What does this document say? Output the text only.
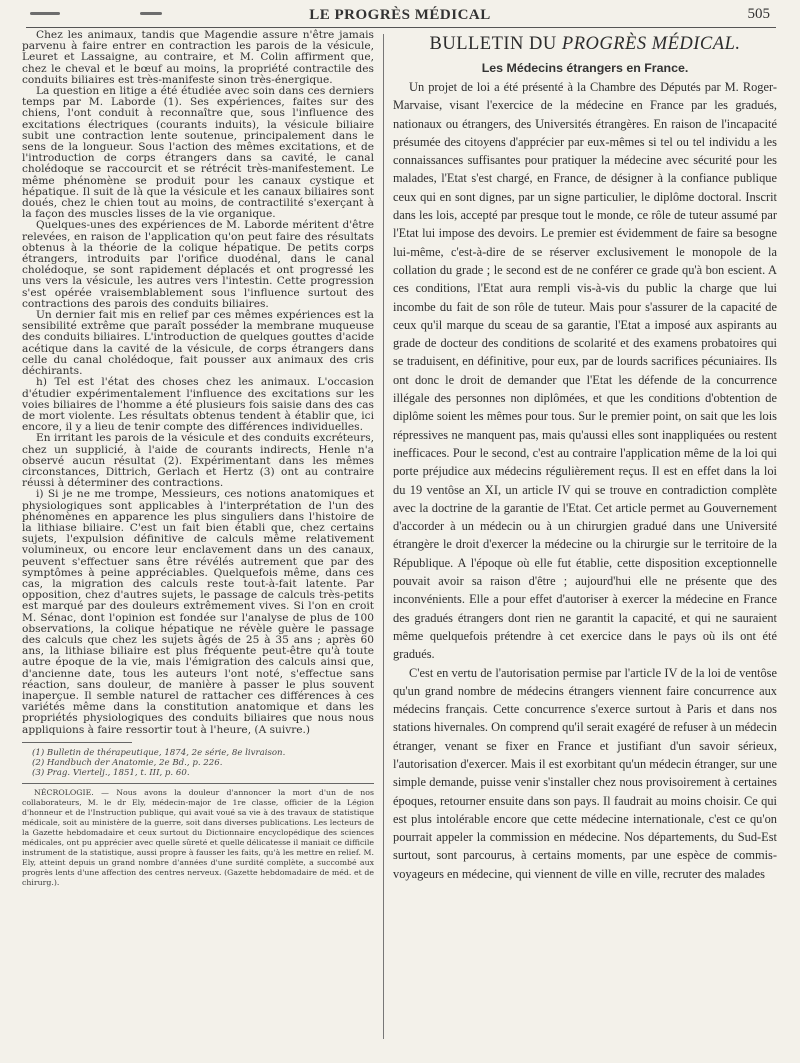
LE PROGRÈS MÉDICAL	505

Chez les animaux, tandis que Magendie assure n'être jamais parvenu à faire entrer en contraction les parois de la vésicule, Leuret et Lassaigne, au contraire, et M. Colin affirment que, chez le cheval et le bœuf au moins, la propriété contractile des conduits biliaires est très-manifeste sinon très-énergique.

La question en litige a été étudiée avec soin dans ces derniers temps par M. Laborde (1). Ses expériences, faites sur des chiens, l'ont conduit à reconnaître que, sous l'influence des excitations électriques (courants induits), la vésicule biliaire subit une contraction lente soutenue, principalement dans le sens de la longueur. Sous l'action des mêmes excitations, et de l'introduction de corps étrangers dans sa cavité, le canal cholédoque se raccourcit et se rétrécit très-manifestement. Le même phénomène se produit pour les canaux cystique et hépatique. Il suit de là que la vésicule et les canaux biliaires sont doués, chez le chien tout au moins, de contractilité s'exerçant à la façon des muscles lisses de la vie organique.

Quelques-unes des expériences de M. Laborde méritent d'être relevées, en raison de l'application qu'on peut faire des résultats obtenus à la théorie de la colique hépatique. De petits corps étrangers, introduits par l'orifice duodénal, dans le canal cholédoque, se sont rapidement déplacés et ont progressé les uns vers la vésicule, les autres vers l'intestin. Cette progression s'est opérée vraisemblablement sous l'influence surtout des contractions des parois des conduits biliaires.

Un dernier fait mis en relief par ces mêmes expériences est la sensibilité extrême que paraît posséder la membrane muqueuse des conduits biliaires. L'introduction de quelques gouttes d'acide acétique dans la cavité de la vésicule, de corps étrangers dans celle du canal cholédoque, fait pousser aux animaux des cris déchirants.

h) Tel est l'état des choses chez les animaux. L'occasion d'étudier expérimentalement l'influence des excitations sur les voies biliaires de l'homme a été plusieurs fois saisie dans des cas de mort violente. Les résultats obtenus tendent à établir que, ici encore, il y a lieu de tenir compte des différences individuelles.

En irritant les parois de la vésicule et des conduits excréteurs, chez un supplicié, à l'aide de courants indirects, Henle n'a observé aucun résultat (2). Expérimentant dans les mêmes circonstances, Dittrich, Gerlach et Hertz (3) ont au contraire réussi à déterminer des contractions.

i) Si je ne me trompe, Messieurs, ces notions anatomiques et physiologiques sont applicables à l'interprétation de l'un des phénomènes en apparence les plus singuliers dans l'histoire de la lithiase biliaire. C'est un fait bien établi que, chez certains sujets, l'expulsion définitive de calculs même relativement volumineux, ou encore leur enclavement dans un des canaux, peuvent s'effectuer sans être révélés autrement que par des symptômes à peine appréciables. Quelquefois même, dans ces cas, la migration des calculs reste tout-à-fait latente. Par opposition, chez d'autres sujets, le passage de calculs très-petits est marqué par des douleurs extrêmement vives. Si l'on en croit M. Sénac, dont l'opinion est fondée sur l'analyse de plus de 100 observations, la colique hépatique ne révèle guère le passage des calculs que chez les sujets âgés de 25 à 35 ans ; après 60 ans, la lithiase biliaire est plus fréquente peut-être qu'à toute autre époque de la vie, mais l'émigration des calculs ainsi que, d'ancienne date, tous les auteurs l'ont noté, s'effectue sans réaction, sans douleur, de manière à passer le plus souvent inaperçue. Il semble naturel de rattacher ces différences à ces variétés même dans la constitution anatomique et dans les propriétés physiologiques des conduits biliaires que nous nous appliquions à faire ressortir tout à l'heure, (A suivre.)

(1) Bulletin de thérapeutique, 1874, 2e série, 8e livraison.

(2) Handbuch der Anatomie, 2e Bd., p. 226.

(3) Prag. Viertelj., 1851, t. III, p. 60.

NÉCROLOGIE. — Nous avons la douleur d'annoncer la mort d'un de nos collaborateurs, M. le dr Ely, médecin-major de 1re classe, officier de la Légion d'honneur et de l'Instruction publique, qui avait voué sa vie à des travaux de statistique médicale, soit au ministère de la guerre, soit dans diverses publications. Les lecteurs de la Gazette hebdomadaire et ceux surtout du Dictionnaire encyclopédique des sciences médicales, ont pu apprécier avec quelle sûreté et quelle délicatesse il maniait ce difficile instrument de la statistique, aussi propre à fausser les faits, qu'à les mettre en relief. M. Ely, atteint depuis un grand nombre d'années d'une surdité complète, a succombé aux progrès lents d'une affection des centres nerveux. (Gazette hebdomadaire de méd. et de chirurg.).

BULLETIN DU PROGRÈS MÉDICAL.
Les Médecins étrangers en France.

Un projet de loi a été présenté à la Chambre des Députés par M. Roger-Marvaise, visant l'exercice de la médecine en France par les gradués, nationaux ou étrangers, des Universités étrangères. En raison de l'incapacité présumée des citoyens d'apprécier par eux-mêmes si tel ou tel individu a les connaissances suffisantes pour pratiquer la médecine avec sécurité pour les malades, l'Etat s'est chargé, en France, de désigner à la confiance publique ceux qui en sont dignes, par un signe particulier, le diplôme doctoral. Inscrit dans les lois, accepté par presque tout le monde, ce rôle de tuteur assumé par l'Etat lui impose des devoirs. Le premier est évidemment de faire sa besogne lui-même, c'est-à-dire de se réserver exclusivement le monopole de la collation du grade ; le second est de ne conférer ce grade qu'à bon escient. A ces conditions, l'Etat aura rempli vis-à-vis du public la charge que lui incombe du fait de son rôle de tuteur. Mais pour s'assurer de la capacité de ceux qu'il marque du sceau de sa garantie, l'Etat a imposé aux aspirants au grade de docteur des conditions de scolarité et des examens probatoires qui se traduisent, en définitive, pour eux, par de lourds sacrifices pécuniaires. Ils ont donc le droit de demander que l'Etat les défende de la concurrence illégale des personnes non diplômées, et que les conditions d'obtention de diplôme soient les mêmes pour tous. Sur le premier point, on sait que les lois répressives ne manquent pas, mais qu'aussi elles sont inappliquées ou restent inefficaces. Pour le second, c'est au contraire l'application même de la loi qui porte préjudice aux médecins régulièrement reçus. Il est en effet dans la loi du 19 ventôse an XI, un article IV qui se trouve en contradiction complète avec la doctrine de la garantie de l'Etat. Cet article permet au Gouvernement d'accorder à un médecin ou à un chirurgien gradué dans une Université étrangère le droit d'exercer la médecine ou la chirurgie sur le territoire de la République. A l'époque où elle fut établie, cette disposition exceptionnelle pouvait avoir sa raison d'être ; aujourd'hui elle ne présente que des inconvénients. Elle a pour effet d'autoriser à exercer la médecine en France des gradués étrangers dont rien ne garantit la capacité, et qui ne sauraient même quelquefois prétendre à cet exercice dans le pays où ils ont été gradués.

C'est en vertu de l'autorisation permise par l'article IV de la loi de ventôse qu'un grand nombre de médecins étrangers viennent faire concurrence aux médecins français. Cette concurrence s'exerce surtout à Paris et dans nos stations hivernales. On comprend qu'il serait exagéré de refuser à un médecin étranger, venant se fixer en France et justifiant d'un savoir sérieux, l'autorisation d'exercer. Mais il est exorbitant qu'un médecin étranger, sur une simple demande, puisse venir s'installer chez nous provisoirement à certaines époques, retourner ensuite dans son pays. Il faudrait au moins choisir. Ce qui est plus intolérable encore que cette médecine internationale, c'est ce qu'on pourrait appeler la commission en médecine. Nos départements, du Sud-Est surtout, sont parcourus, à certains moments, par une espèce de commis-voyageurs en médecine, qui viennent de ville en ville, recruter des malades
